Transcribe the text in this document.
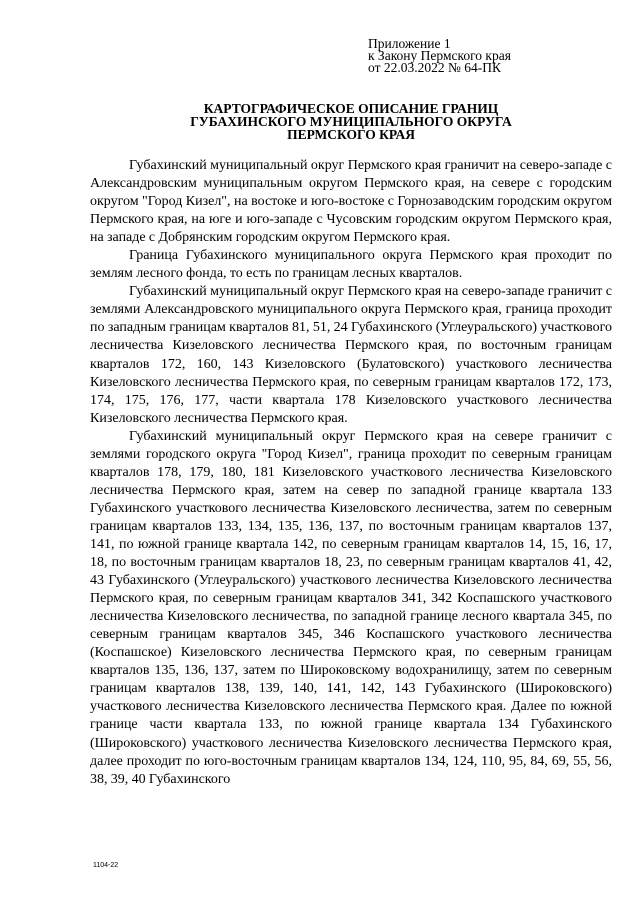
Приложение 1
к Закону Пермского края
от 22.03.2022 № 64-ПК
КАРТОГРАФИЧЕСКОЕ ОПИСАНИЕ ГРАНИЦ
ГУБАХИНСКОГО МУНИЦИПАЛЬНОГО ОКРУГА
ПЕРМСКОГО КРАЯ

Губахинский муниципальный округ Пермского края граничит на северо-западе с Александровским муниципальным округом Пермского края, на севере с городским округом "Город Кизел", на востоке и юго-востоке с Горнозаводским городским округом Пермского края, на юге и юго-западе с Чусовским городским округом Пермского края, на западе с Добрянским городским округом Пермского края.

Граница Губахинского муниципального округа Пермского края проходит по землям лесного фонда, то есть по границам лесных кварталов.

Губахинский муниципальный округ Пермского края на северо-западе граничит с землями Александровского муниципального округа Пермского края, граница проходит по западным границам кварталов 81, 51, 24 Губахинского (Углеуральского) участкового лесничества Кизеловского лесничества Пермского края, по восточным границам кварталов 172, 160, 143 Кизеловского (Булатовского) участкового лесничества Кизеловского лесничества Пермского края, по северным границам кварталов 172, 173, 174, 175, 176, 177, части квартала 178 Кизеловского участкового лесничества Кизеловского лесничества Пермского края.

Губахинский муниципальный округ Пермского края на севере граничит с землями городского округа "Город Кизел", граница проходит по северным границам кварталов 178, 179, 180, 181 Кизеловского участкового лесничества Кизеловского лесничества Пермского края, затем на север по западной границе квартала 133 Губахинского участкового лесничества Кизеловского лесничества, затем по северным границам кварталов 133, 134, 135, 136, 137, по восточным границам кварталов 137, 141, по южной границе квартала 142, по северным границам кварталов 14, 15, 16, 17, 18, по восточным границам кварталов 18, 23, по северным границам кварталов 41, 42, 43 Губахинского (Углеуральского) участкового лесничества Кизеловского лесничества Пермского края, по северным границам кварталов 341, 342 Коспашского участкового лесничества Кизеловского лесничества, по западной границе лесного квартала 345, по северным границам кварталов 345, 346 Коспашского участкового лесничества (Коспашское) Кизеловского лесничества Пермского края, по северным границам кварталов 135, 136, 137, затем по Широковскому водохранилищу, затем по северным границам кварталов 138, 139, 140, 141, 142, 143 Губахинского (Широковского) участкового лесничества Кизеловского лесничества Пермского края. Далее по южной границе части квартала 133, по южной границе квартала 134 Губахинского (Широковского) участкового лесничества Кизеловского лесничества Пермского края, далее проходит по юго-восточным границам кварталов 134, 124, 110, 95, 84, 69, 55, 56, 38, 39, 40 Губахинского

1104-22
